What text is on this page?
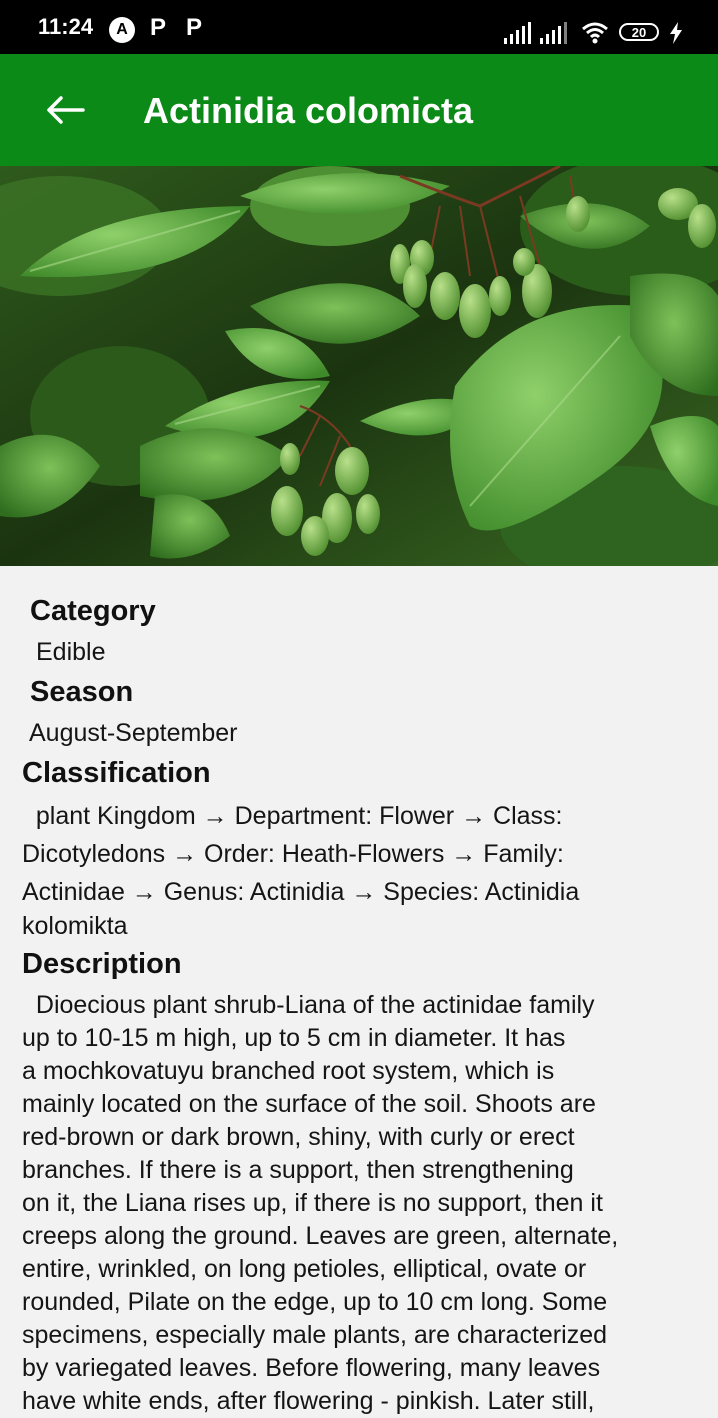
11:24	A P P	20
Actinidia colomicta
Category
Edible
Season
August-September
Classification
plant Kingdom → Department: Flower → Class:
Dicotyledons → Order: Heath-Flowers → Family:
Actinidae → Genus: Actinidia → Species: Actinidia
kolomikta
Description
Dioecious plant shrub-Liana of the actinidae family
up to 10-15 m high, up to 5 cm in diameter. It has
a mochkovatuyu branched root system, which is
mainly located on the surface of the soil. Shoots are
red-brown or dark brown, shiny, with curly or erect
branches. If there is a support, then strengthening
on it, the Liana rises up, if there is no support, then it
creeps along the ground. Leaves are green, alternate,
entire, wrinkled, on long petioles, elliptical, ovate or
rounded, Pilate on the edge, up to 10 cm long. Some
specimens, especially male plants, are characterized
by variegated leaves. Before flowering, many leaves
have white ends, after flowering - pinkish. Later still,
